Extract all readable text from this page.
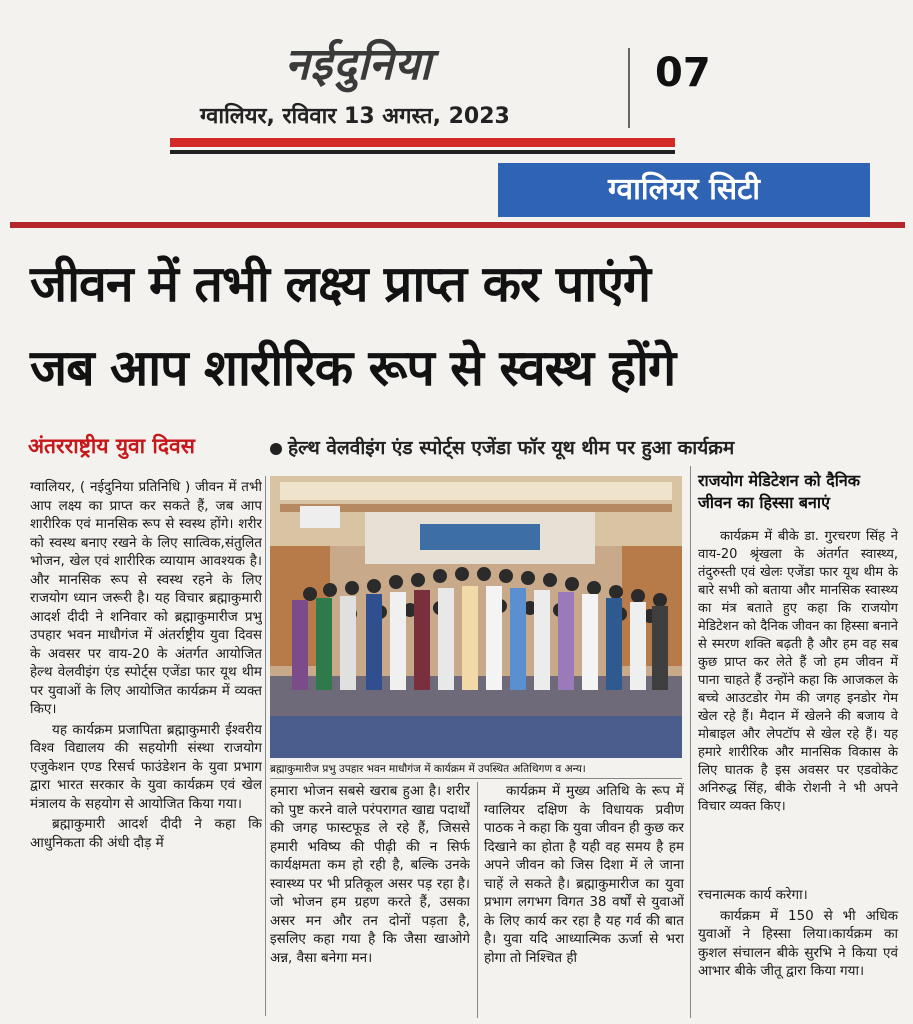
नईदुनिया
ग्वालियर, रविवार 13 अगस्त, 2023
07
ग्वालियर सिटी
जीवन में तभी लक्ष्य प्राप्त कर पाएंगे
जब आप शारीरिक रूप से स्वस्थ होंगे
अंतरराष्ट्रीय युवा दिवस	हेल्थ वेलवीइंग एंड स्पोर्ट्स एजेंडा फॉर यूथ थीम पर हुआ कार्यक्रम

ग्वालियर, ( नईदुनिया प्रतिनिधि ) जीवन में तभी आप लक्ष्य का प्राप्त कर सकते हैं, जब आप शारीरिक एवं मानसिक रूप से स्वस्थ होंगे। शरीर को स्वस्थ बनाए रखने के लिए सात्विक,संतुलित भोजन, खेल एवं शारीरिक व्यायाम आवश्यक है। और मानसिक रूप से स्वस्थ रहने के लिए राजयोग ध्यान जरूरी है। यह विचार ब्रह्माकुमारी आदर्श दीदी ने शनिवार को ब्रह्माकुमारीज प्रभु उपहार भवन माधौगंज में अंतर्राष्ट्रीय युवा दिवस के अवसर पर वाय-20 के अंतर्गत आयोजित हेल्थ वेलवीइंग एंड स्पोर्ट्स एजेंडा फार यूथ थीम पर युवाओं के लिए आयोजित कार्यक्रम में व्यक्त किए।

यह कार्यक्रम प्रजापिता ब्रह्माकुमारी ईश्वरीय विश्व विद्यालय की सहयोगी संस्था राजयोग एजुकेशन एण्ड रिसर्च फाउंडेशन के युवा प्रभाग द्वारा भारत सरकार के युवा कार्यक्रम एवं खेल मंत्रालय के सहयोग से आयोजित किया गया।

ब्रह्माकुमारी आदर्श दीदी ने कहा कि आधुनिकता की अंधी दौड़ में

ब्रह्माकुमारीज प्रभु उपहार भवन माधौगंज में कार्यक्रम में उपस्थित अतिथिगण व अन्य।

हमारा भोजन सबसे खराब हुआ है। शरीर को पुष्ट करने वाले परंपरागत खाद्य पदार्थों की जगह फास्टफूड ले रहे हैं, जिससे हमारी भविष्य की पीढ़ी की न सिर्फ कार्यक्षमता कम हो रही है, बल्कि उनके स्वास्थ्य पर भी प्रतिकूल असर पड़ रहा है। जो भोजन हम ग्रहण करते हैं, उसका असर मन और तन दोनों पड़ता है, इसलिए कहा गया है कि जैसा खाओगे अन्न, वैसा बनेगा मन।

कार्यक्रम में मुख्य अतिथि के रूप में ग्वालियर दक्षिण के विधायक प्रवीण पाठक ने कहा कि युवा जीवन ही कुछ कर दिखाने का होता है यही वह समय है हम अपने जीवन को जिस दिशा में ले जाना चाहें ले सकते है। ब्रह्माकुमारीज का युवा प्रभाग लगभग विगत 38 वर्षों से युवाओं के लिए कार्य कर रहा है यह गर्व की बात है। युवा यदि आध्यात्मिक ऊर्जा से भरा होगा तो निश्चित ही

राजयोग मेडिटेशन को दैनिक जीवन का हिस्सा बनाएं

कार्यक्रम में बीके डा. गुरचरण सिंह ने वाय-20 श्रृंखला के अंतर्गत स्वास्थ्य, तंदुरुस्ती एवं खेलः एजेंडा फार यूथ थीम के बारे सभी को बताया और मानसिक स्वास्थ्य का मंत्र बताते हुए कहा कि राजयोग मेडिटेशन को दैनिक जीवन का हिस्सा बनाने से स्मरण शक्ति बढ़ती है और हम वह सब कुछ प्राप्त कर लेते हैं जो हम जीवन में पाना चाहते हैं उन्होंने कहा कि आजकल के बच्चे आउटडोर गेम की जगह इनडोर गेम खेल रहे हैं। मैदान में खेलने की बजाय वे मोबाइल और लेपटॉप से खेल रहे हैं। यह हमारे शारीरिक और मानसिक विकास के लिए घातक है इस अवसर पर एडवोकेट अनिरुद्ध सिंह, बीके रोशनी ने भी अपने विचार व्यक्त किए।

रचनात्मक कार्य करेगा।

कार्यक्रम में 150 से भी अधिक युवाओं ने हिस्सा लिया।कार्यक्रम का कुशल संचालन बीके सुरभि ने किया एवं आभार बीके जीतू द्वारा किया गया।
